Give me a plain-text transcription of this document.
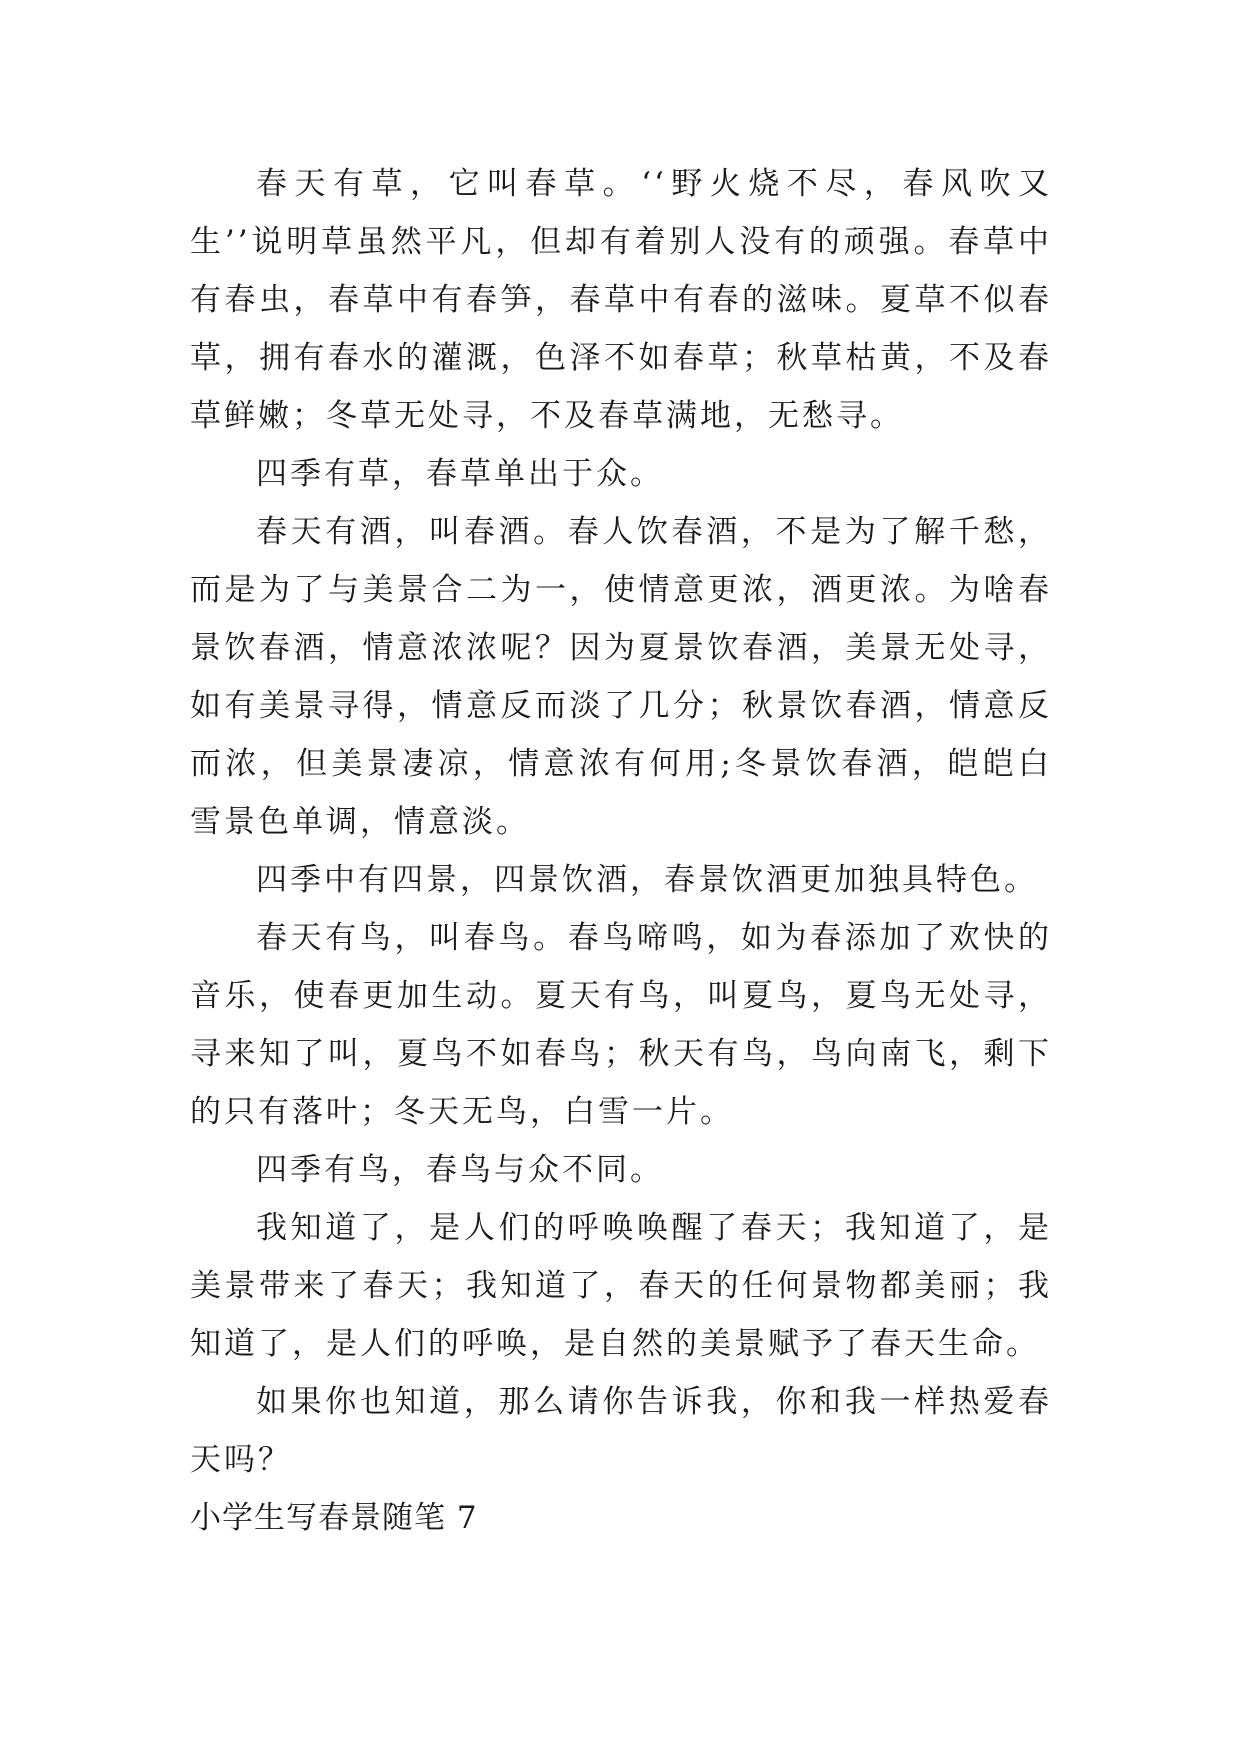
春天有草，它叫春草。‘‘野火烧不尽，春风吹又生’’说明草虽然平凡，但却有着别人没有的顽强。春草中有春虫，春草中有春笋，春草中有春的滋味。夏草不似春草，拥有春水的灌溉，色泽不如春草；秋草枯黄，不及春草鲜嫩；冬草无处寻，不及春草满地，无愁寻。

四季有草，春草单出于众。

春天有酒，叫春酒。春人饮春酒，不是为了解千愁，而是为了与美景合二为一，使情意更浓，酒更浓。为啥春景饮春酒，情意浓浓呢？因为夏景饮春酒，美景无处寻，如有美景寻得，情意反而淡了几分；秋景饮春酒，情意反而浓，但美景凄凉，情意浓有何用;冬景饮春酒，皑皑白雪景色单调，情意淡。

四季中有四景，四景饮酒，春景饮酒更加独具特色。

春天有鸟，叫春鸟。春鸟啼鸣，如为春添加了欢快的音乐，使春更加生动。夏天有鸟，叫夏鸟，夏鸟无处寻，寻来知了叫，夏鸟不如春鸟；秋天有鸟，鸟向南飞，剩下的只有落叶；冬天无鸟，白雪一片。

四季有鸟，春鸟与众不同。

我知道了，是人们的呼唤唤醒了春天；我知道了，是美景带来了春天；我知道了，春天的任何景物都美丽；我知道了，是人们的呼唤，是自然的美景赋予了春天生命。

如果你也知道，那么请你告诉我，你和我一样热爱春天吗？

小学生写春景随笔 7
